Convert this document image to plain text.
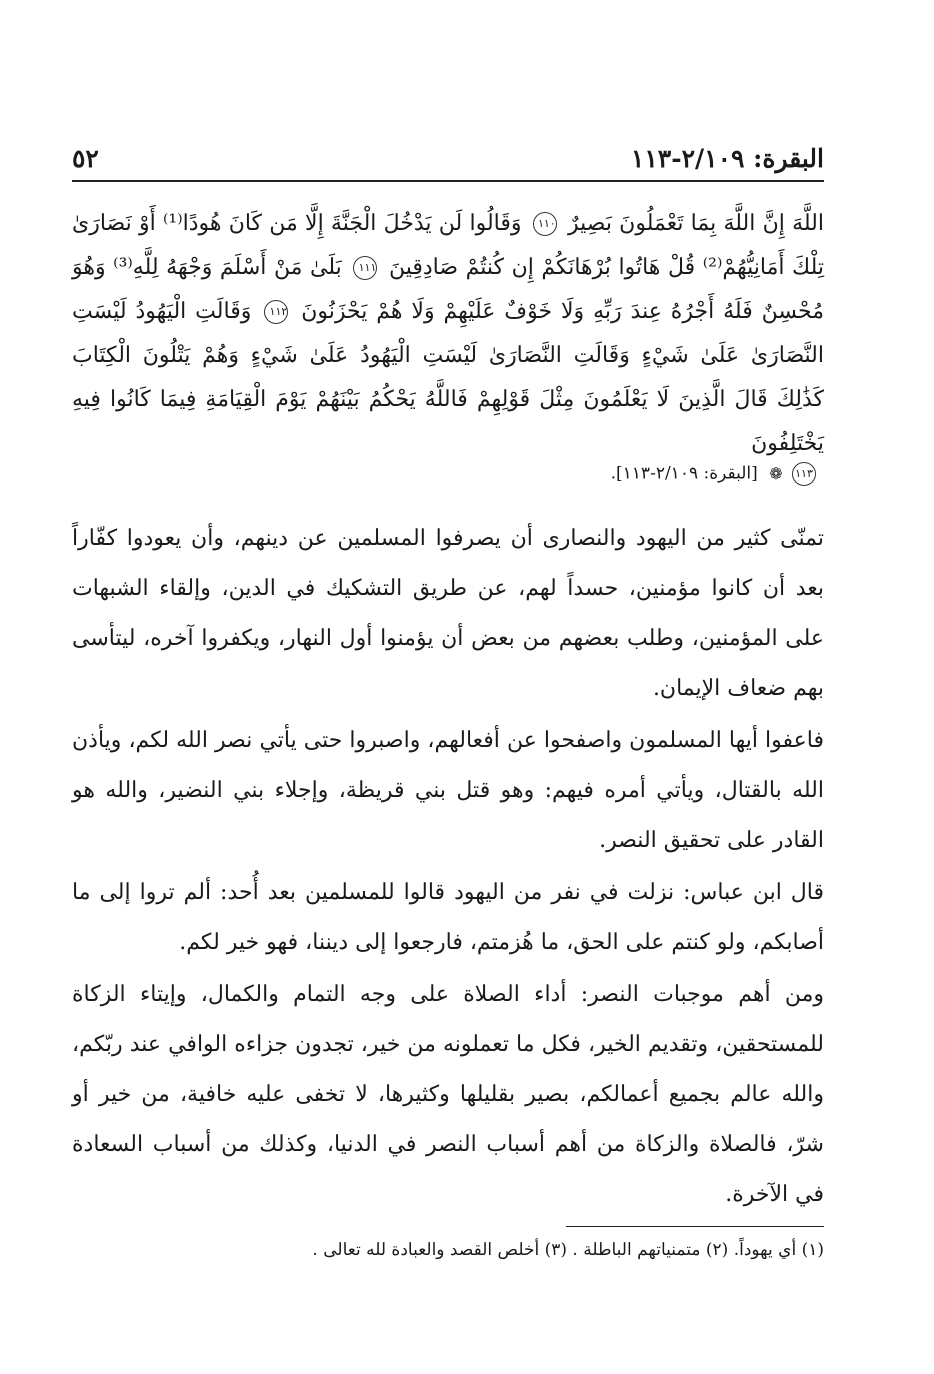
٥٢	البقرة: ٢/١٠٩-١١٣
اللَّهَ إِنَّ اللَّهَ بِمَا تَعْمَلُونَ بَصِيرٌ ١١٠ وَقَالُوا لَن يَدْخُلَ الْجَنَّةَ إِلَّا مَن كَانَ هُودًا⁽¹⁾ أَوْ نَصَارَىٰ تِلْكَ أَمَانِيُّهُمْ⁽²⁾ قُلْ هَاتُوا بُرْهَانَكُمْ إِن كُنتُمْ صَادِقِينَ ١١١ بَلَىٰ مَنْ أَسْلَمَ وَجْهَهُ لِلَّهِ⁽³⁾ وَهُوَ مُحْسِنٌ فَلَهُ أَجْرُهُ عِندَ رَبِّهِ وَلَا خَوْفٌ عَلَيْهِمْ وَلَا هُمْ يَحْزَنُونَ ١١٢ وَقَالَتِ الْيَهُودُ لَيْسَتِ النَّصَارَىٰ عَلَىٰ شَيْءٍ وَقَالَتِ النَّصَارَىٰ لَيْسَتِ الْيَهُودُ عَلَىٰ شَيْءٍ وَهُمْ يَتْلُونَ الْكِتَابَ كَذَٰلِكَ قَالَ الَّذِينَ لَا يَعْلَمُونَ مِثْلَ قَوْلِهِمْ فَاللَّهُ يَحْكُمُ بَيْنَهُمْ يَوْمَ الْقِيَامَةِ فِيمَا كَانُوا فِيهِ يَخْتَلِفُونَ
١١٣ ❁ [البقرة: ٢/١٠٩-١١٣].
تمنّى كثير من اليهود والنصارى أن يصرفوا المسلمين عن دينهم، وأن يعودوا كفّاراً بعد أن كانوا مؤمنين، حسداً لهم، عن طريق التشكيك في الدين، وإلقاء الشبهات على المؤمنين، وطلب بعضهم من بعض أن يؤمنوا أول النهار، ويكفروا آخره، ليتأسى بهم ضعاف الإيمان.
فاعفوا أيها المسلمون واصفحوا عن أفعالهم، واصبروا حتى يأتي نصر الله لكم، ويأذن الله بالقتال، ويأتي أمره فيهم: وهو قتل بني قريظة، وإجلاء بني النضير، والله هو القادر على تحقيق النصر.
قال ابن عباس: نزلت في نفر من اليهود قالوا للمسلمين بعد أُحد: ألم تروا إلى ما أصابكم، ولو كنتم على الحق، ما هُزمتم، فارجعوا إلى ديننا، فهو خير لكم.
ومن أهم موجبات النصر: أداء الصلاة على وجه التمام والكمال، وإيتاء الزكاة للمستحقين، وتقديم الخير، فكل ما تعملونه من خير، تجدون جزاءه الوافي عند ربّكم، والله عالم بجميع أعمالكم، بصير بقليلها وكثيرها، لا تخفى عليه خافية، من خير أو شرّ، فالصلاة والزكاة من أهم أسباب النصر في الدنيا، وكذلك من أسباب السعادة في الآخرة.
(١) أي يهوداً. (٢) متمنياتهم الباطلة . (٣) أخلص القصد والعبادة لله تعالى .
